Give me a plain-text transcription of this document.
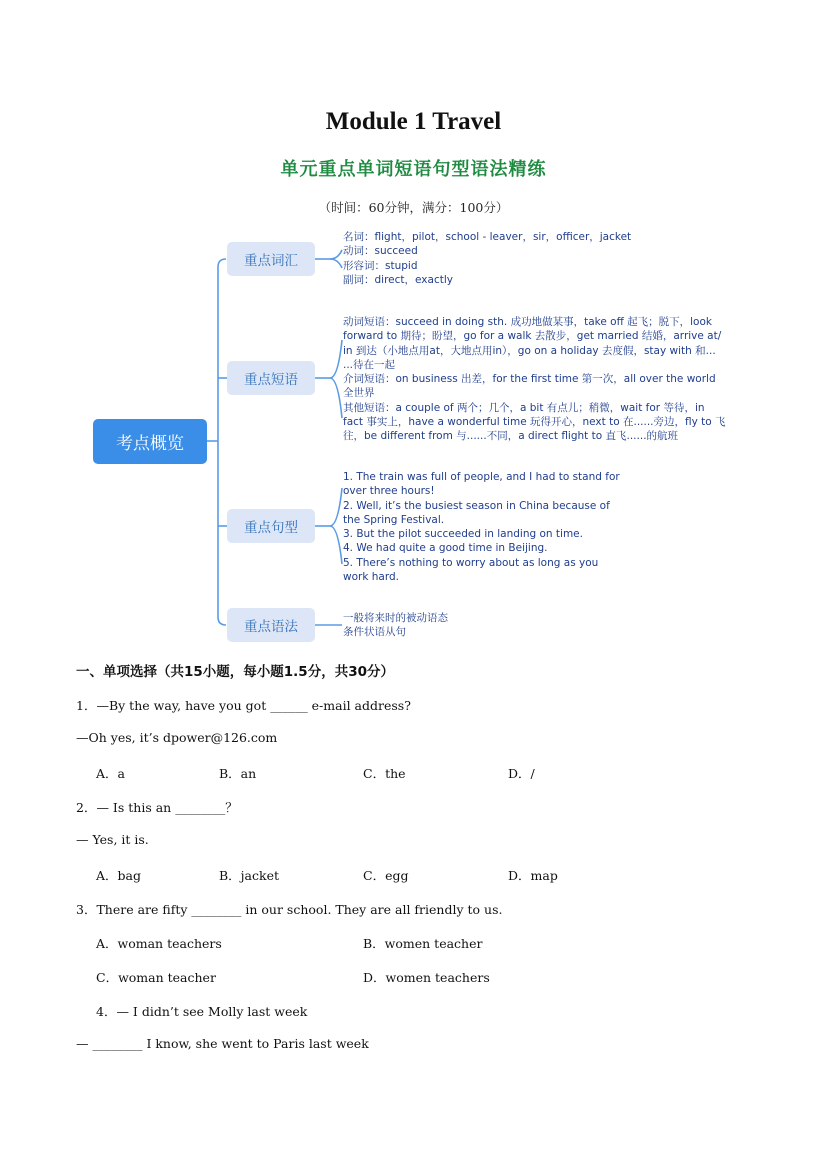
Module 1 Travel
单元重点单词短语句型语法精练
（时间：60分钟，满分：100分）
考点概览
重点词汇
重点短语
重点句型
重点语法
名词：flight，pilot，school - leaver，sir，officer，jacket
动词：succeed
形容词：stupid
副词：direct，exactly
动词短语：succeed in doing sth. 成功地做某事，take off 起飞；脱下，look
forward to 期待；盼望，go for a walk 去散步，get married 结婚，arrive at/
in 到达（小地点用at，大地点用in），go on a holiday 去度假，stay with 和...
...待在一起
介词短语：on business 出差，for the first time 第一次，all over the world
全世界
其他短语：a couple of 两个；几个，a bit 有点儿；稍微，wait for 等待，in
fact 事实上，have a wonderful time 玩得开心，next to 在......旁边，fly to 飞
往，be different from 与......不同，a direct flight to 直飞......的航班
1. The train was full of people, and I had to stand for
over three hours!
2. Well, it’s the busiest season in China because of
the Spring Festival.
3. But the pilot succeeded in landing on time.
4. We had quite a good time in Beijing.
5. There’s nothing to worry about as long as you
work hard.
一般将来时的被动语态
条件状语从句
一、单项选择（共15小题，每小题1.5分，共30分）
1．—By the way, have you got ______ e-mail address?
—Oh yes, it’s dpower@126.com
A．a	B．an	C．the	D．/
2．— Is this an ________？
— Yes, it is.
A．bag	B．jacket	C．egg	D．map
3．There are fifty ________ in our school. They are all friendly to us.
A．woman teachers	B．women teacher
C．woman teacher	D．women teachers
4．— I didn’t see Molly last week
— ________ I know, she went to Paris last week
